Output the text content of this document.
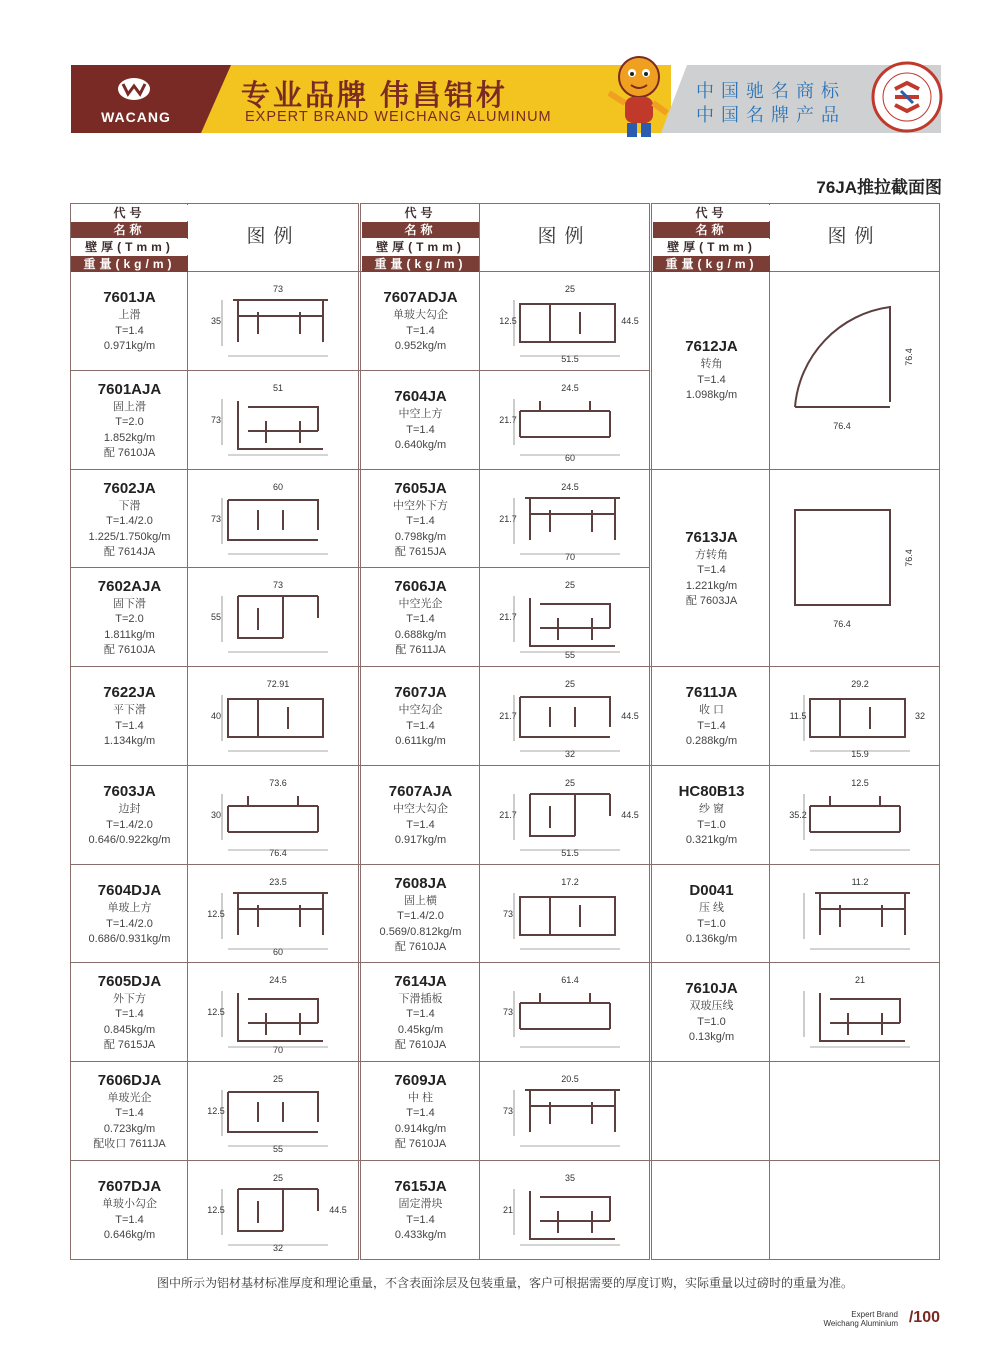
WACANG
专业品牌 伟昌铝材
EXPERT BRAND WEICHANG ALUMINUM
中国驰名商标
中国名牌产品
76JA推拉截面图
代号
名称
壁厚(Tmm)
重量(kg/m)
图例
代号
名称
壁厚(Tmm)
重量(kg/m)
图例
代号
名称
壁厚(Tmm)
重量(kg/m)
图例
7601JA
上滑
T=1.4
0.971kg/m
73
35
7601AJA
固上滑
T=2.0
1.852kg/m
配 7610JA
51
73
7602JA
下滑
T=1.4/2.0
1.225/1.750kg/m
配 7614JA
60
73
7602AJA
固下滑
T=2.0
1.811kg/m
配 7610JA
73
55
7622JA
平下滑
T=1.4
1.134kg/m
72.91
40
7603JA
边封
T=1.4/2.0
0.646/0.922kg/m
73.6
30
76.4
7604DJA
单玻上方
T=1.4/2.0
0.686/0.931kg/m
23.5
12.5
60
7605DJA
外下方
T=1.4
0.845kg/m
配 7615JA
24.5
12.5
70
7606DJA
单玻光企
T=1.4
0.723kg/m
配收口 7611JA
25
12.5
55
7607DJA
单玻小勾企
T=1.4
0.646kg/m
25
12.5
32
44.5
7607ADJA
单玻大勾企
T=1.4
0.952kg/m
25
12.5
51.5
44.5
7604JA
中空上方
T=1.4
0.640kg/m
24.5
21.7
60
7605JA
中空外下方
T=1.4
0.798kg/m
配 7615JA
24.5
21.7
70
7606JA
中空光企
T=1.4
0.688kg/m
配 7611JA
25
21.7
55
7607JA
中空勾企
T=1.4
0.611kg/m
25
21.7
32
44.5
7607AJA
中空大勾企
T=1.4
0.917kg/m
25
21.7
51.5
44.5
7608JA
固上横
T=1.4/2.0
0.569/0.812kg/m
配 7610JA
17.2
73
7614JA
下滑插板
T=1.4
0.45kg/m
配 7610JA
61.4
73
7609JA
中 柱
T=1.4
0.914kg/m
配 7610JA
20.5
73
7615JA
固定滑块
T=1.4
0.433kg/m
35
21
7612JA
转角
T=1.4
1.098kg/m
76.4
76.4
7613JA
方转角
T=1.4
1.221kg/m
配 7603JA
76.4
76.4
7611JA
收 口
T=1.4
0.288kg/m
29.2
11.5
15.9
32
HC80B13
纱 窗
T=1.0
0.321kg/m
12.5
35.2
D0041
压 线
T=1.0
0.136kg/m
11.2
7610JA
双玻压线
T=1.0
0.13kg/m
21
图中所示为铝材基材标准厚度和理论重量，不含表面涂层及包装重量，客户可根据需要的厚度订购，实际重量以过磅时的重量为准。
Expert Brand
Weichang Aluminium /100
